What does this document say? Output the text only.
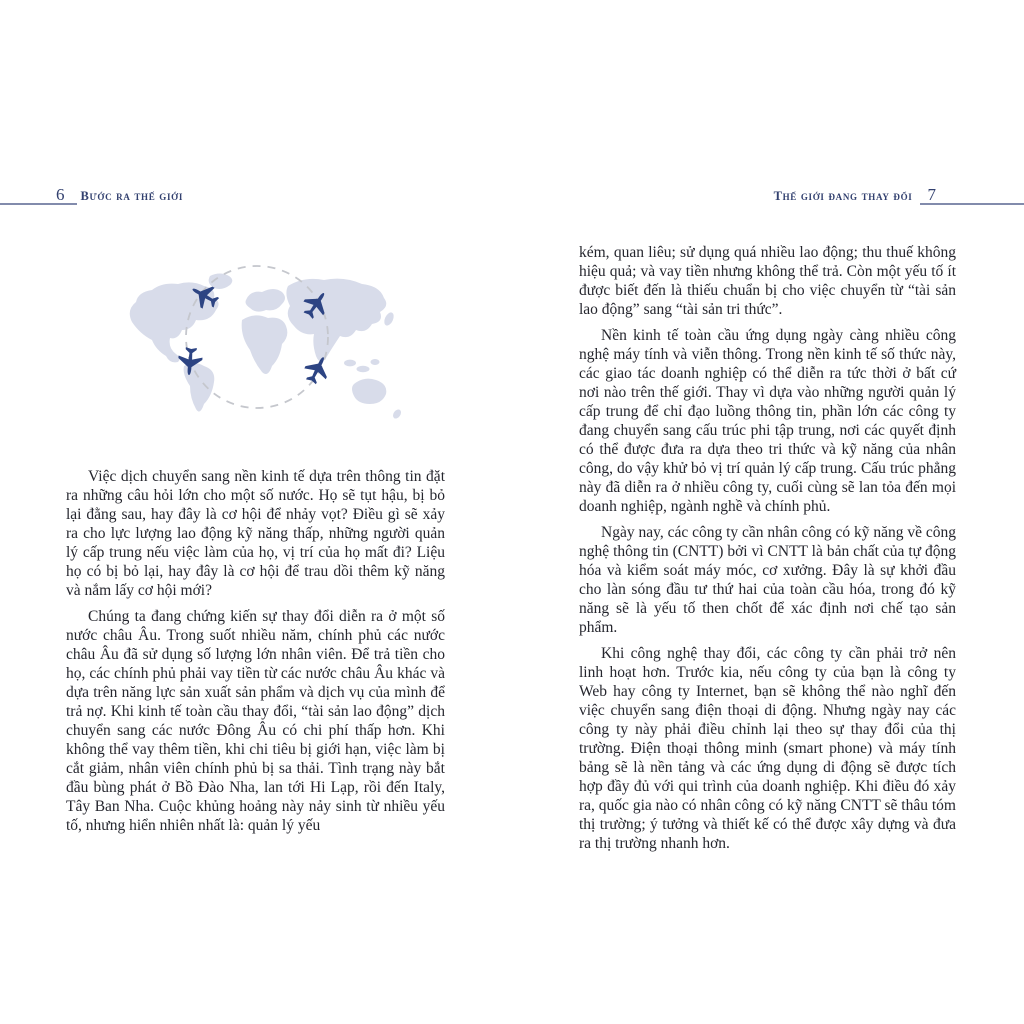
6 Bước ra thế giới	Thế giới đang thay đổi 7

Việc dịch chuyển sang nền kinh tế dựa trên thông tin đặt ra những câu hỏi lớn cho một số nước. Họ sẽ tụt hậu, bị bỏ lại đằng sau, hay đây là cơ hội để nhảy vọt? Điều gì sẽ xảy ra cho lực lượng lao động kỹ năng thấp, những người quản lý cấp trung nếu việc làm của họ, vị trí của họ mất đi? Liệu họ có bị bỏ lại, hay đây là cơ hội để trau dồi thêm kỹ năng và nắm lấy cơ hội mới?

Chúng ta đang chứng kiến sự thay đổi diễn ra ở một số nước châu Âu. Trong suốt nhiều năm, chính phủ các nước châu Âu đã sử dụng số lượng lớn nhân viên. Để trả tiền cho họ, các chính phủ phải vay tiền từ các nước châu Âu khác và dựa trên năng lực sản xuất sản phẩm và dịch vụ của mình để trả nợ. Khi kinh tế toàn cầu thay đổi, “tài sản lao động” dịch chuyển sang các nước Đông Âu có chi phí thấp hơn. Khi không thể vay thêm tiền, khi chi tiêu bị giới hạn, việc làm bị cắt giảm, nhân viên chính phủ bị sa thải. Tình trạng này bắt đầu bùng phát ở Bồ Đào Nha, lan tới Hi Lạp, rồi đến Italy, Tây Ban Nha. Cuộc khủng hoảng này nảy sinh từ nhiều yếu tố, nhưng hiển nhiên nhất là: quản lý yếu

kém, quan liêu; sử dụng quá nhiều lao động; thu thuế không hiệu quả; và vay tiền nhưng không thể trả. Còn một yếu tố ít được biết đến là thiếu chuẩn bị cho việc chuyển từ “tài sản lao động” sang “tài sản tri thức”.

Nền kinh tế toàn cầu ứng dụng ngày càng nhiều công nghệ máy tính và viễn thông. Trong nền kinh tế số thức này, các giao tác doanh nghiệp có thể diễn ra tức thời ở bất cứ nơi nào trên thế giới. Thay vì dựa vào những người quản lý cấp trung để chỉ đạo luồng thông tin, phần lớn các công ty đang chuyển sang cấu trúc phi tập trung, nơi các quyết định có thể được đưa ra dựa theo tri thức và kỹ năng của nhân công, do vậy khử bỏ vị trí quản lý cấp trung. Cấu trúc phẳng này đã diễn ra ở nhiều công ty, cuối cùng sẽ lan tỏa đến mọi doanh nghiệp, ngành nghề và chính phủ.

Ngày nay, các công ty cần nhân công có kỹ năng về công nghệ thông tin (CNTT) bởi vì CNTT là bản chất của tự động hóa và kiểm soát máy móc, cơ xưởng. Đây là sự khởi đầu cho làn sóng đầu tư thứ hai của toàn cầu hóa, trong đó kỹ năng sẽ là yếu tố then chốt để xác định nơi chế tạo sản phẩm.

Khi công nghệ thay đổi, các công ty cần phải trở nên linh hoạt hơn. Trước kia, nếu công ty của bạn là công ty Web hay công ty Internet, bạn sẽ không thể nào nghĩ đến việc chuyển sang điện thoại di động. Nhưng ngày nay các công ty này phải điều chỉnh lại theo sự thay đổi của thị trường. Điện thoại thông minh (smart phone) và máy tính bảng sẽ là nền tảng và các ứng dụng di động sẽ được tích hợp đầy đủ với qui trình của doanh nghiệp. Khi điều đó xảy ra, quốc gia nào có nhân công có kỹ năng CNTT sẽ thâu tóm thị trường; ý tưởng và thiết kế có thể được xây dựng và đưa ra thị trường nhanh hơn.
